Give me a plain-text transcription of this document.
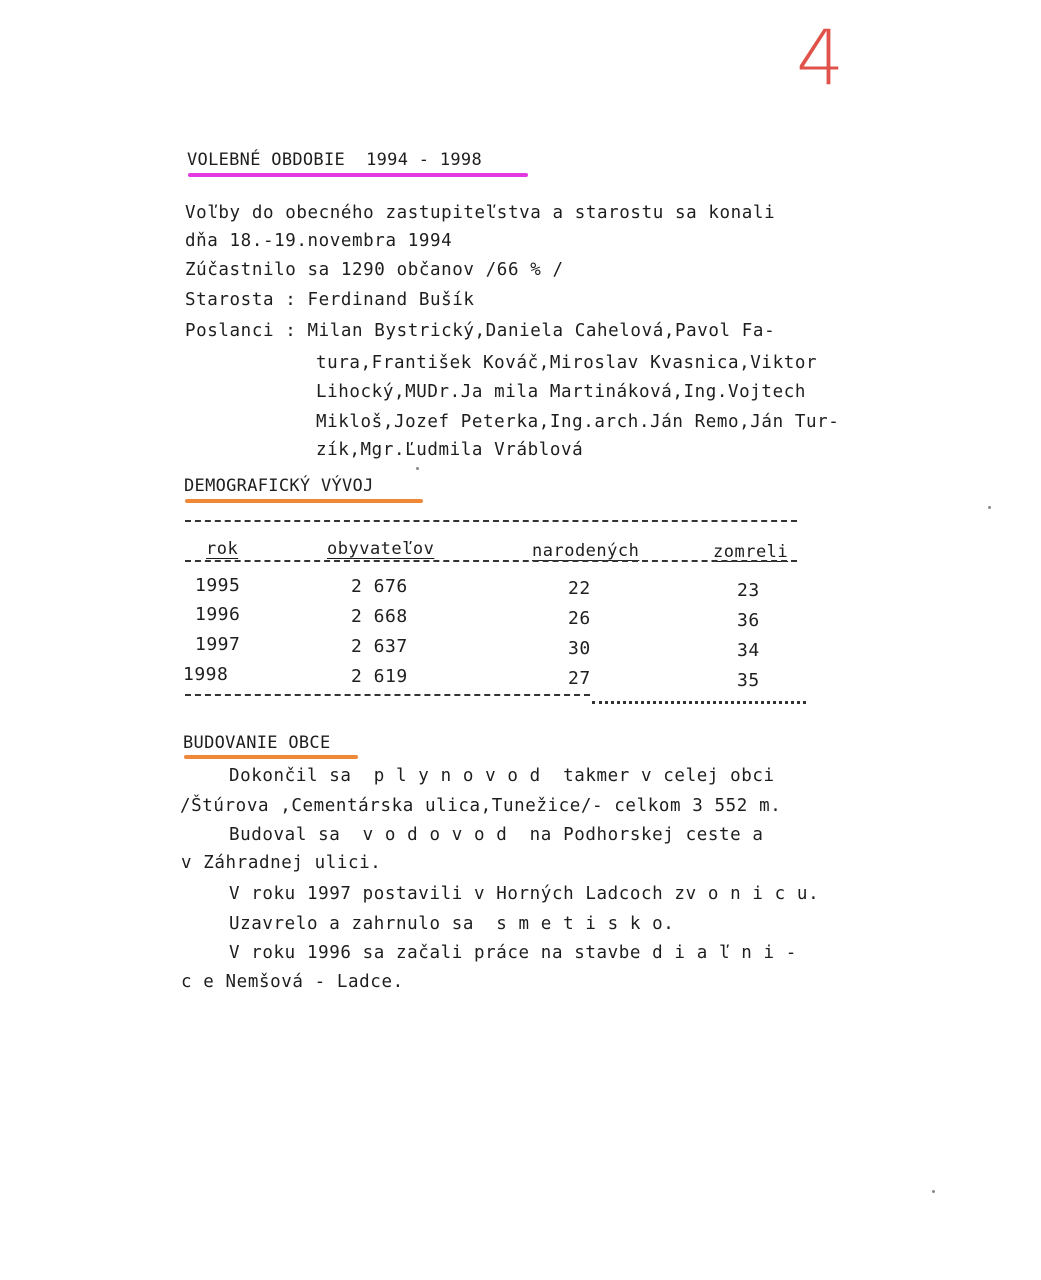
4
VOLEBNÉ OBDOBIE  1994 - 1998
Voľby do obecného zastupiteľstva a starostu sa konali
dňa 18.-19.novembra 1994
Zúčastnilo sa 1290 občanov /66 % /
Starosta : Ferdinand Bušík
Poslanci : Milan Bystrický,Daniela Cahelová,Pavol Fa-
tura,František Kováč,Miroslav Kvasnica,Viktor
Lihocký,MUDr.Ja mila Martináková,Ing.Vojtech
Mikloš,Jozef Peterka,Ing.arch.Ján Remo,Ján Tur-
zík,Mgr.Ľudmila Vráblová
DEMOGRAFICKÝ VÝVOJ
rok	obyvateľov	narodených	zomreli
1995	2 676	22	23
1996	2 668	26	36
1997	2 637	30	34
1998	2 619	27	35
BUDOVANIE OBCE
Dokončil sa  p l y n o v o d  takmer v celej obci
/Štúrova ,Cementárska ulica,Tunežice/- celkom 3 552 m.
Budoval sa  v o d o v o d  na Podhorskej ceste a
v Záhradnej ulici.
V roku 1997 postavili v Horných Ladcoch zv o n i c u.
Uzavrelo a zahrnulo sa  s m e t i s k o.
V roku 1996 sa začali práce na stavbe d i a ľ n i -
c e Nemšová - Ladce.
